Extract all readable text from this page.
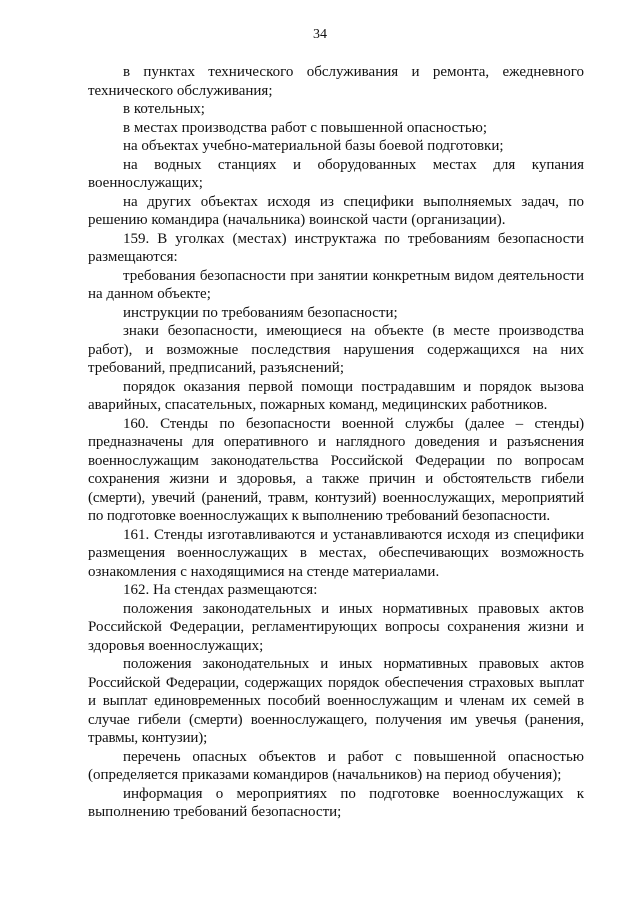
34

в пунктах технического обслуживания и ремонта, ежедневного технического обслуживания;

в котельных;

в местах производства работ с повышенной опасностью;

на объектах учебно-материальной базы боевой подготовки;

на водных станциях и оборудованных местах для купания военнослужащих;

на других объектах исходя из специфики выполняемых задач, по решению командира (начальника) воинской части (организации).

159. В уголках (местах) инструктажа по требованиям безопасности размещаются:

требования безопасности при занятии конкретным видом деятельности на данном объекте;

инструкции по требованиям безопасности;

знаки безопасности, имеющиеся на объекте (в месте производства работ), и возможные последствия нарушения содержащихся на них требований, предписаний, разъяснений;

порядок оказания первой помощи пострадавшим и порядок вызова аварийных, спасательных, пожарных команд, медицинских работников.

160. Стенды по безопасности военной службы (далее – стенды) предназначены для оперативного и наглядного доведения и разъяснения военнослужащим законодательства Российской Федерации по вопросам сохранения жизни и здоровья, а также причин и обстоятельств гибели (смерти), увечий (ранений, травм, контузий) военнослужащих, мероприятий по подготовке военнослужащих к выполнению требований безопасности.

161. Стенды изготавливаются и устанавливаются исходя из специфики размещения военнослужащих в местах, обеспечивающих возможность ознакомления с находящимися на стенде материалами.

162. На стендах размещаются:

положения законодательных и иных нормативных правовых актов Российской Федерации, регламентирующих вопросы сохранения жизни и здоровья военнослужащих;

положения законодательных и иных нормативных правовых актов Российской Федерации, содержащих порядок обеспечения страховых выплат и выплат единовременных пособий военнослужащим и членам их семей в случае гибели (смерти) военнослужащего, получения им увечья (ранения, травмы, контузии);

перечень опасных объектов и работ с повышенной опасностью (определяется приказами командиров (начальников) на период обучения);

информация о мероприятиях по подготовке военнослужащих к выполнению требований безопасности;
